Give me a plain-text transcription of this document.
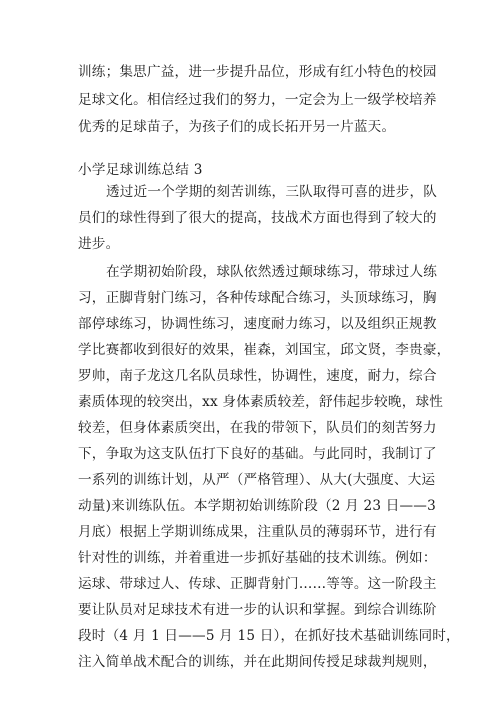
训练；集思广益，进一步提升品位，形成有红小特色的校园
足球文化。相信经过我们的努力，一定会为上一级学校培养
优秀的足球苗子，为孩子们的成长拓开另一片蓝天。
小学足球训练总结 3
透过近一个学期的刻苦训练，三队取得可喜的进步，队
员们的球性得到了很大的提高，技战术方面也得到了较大的
进步。
在学期初始阶段，球队依然透过颠球练习，带球过人练
习，正脚背射门练习，各种传球配合练习，头顶球练习，胸
部停球练习，协调性练习，速度耐力练习，以及组织正规教
学比赛都收到很好的效果，崔森，刘国宝，邱文贤，李贵豪，
罗帅，南子龙这几名队员球性，协调性，速度，耐力，综合
素质体现的较突出，xx 身体素质较差，舒伟起步较晚，球性
较差，但身体素质突出，在我的带领下，队员们的刻苦努力
下，争取为这支队伍打下良好的基础。与此同时，我制订了
一系列的训练计划，从严（严格管理）、从大(大强度、大运
动量)来训练队伍。本学期初始训练阶段（2 月 23 日——3
月底）根据上学期训练成果，注重队员的薄弱环节，进行有
针对性的训练，并着重进一步抓好基础的技术训练。例如：
运球、带球过人、传球、正脚背射门……等等。这一阶段主
要让队员对足球技术有进一步的认识和掌握。到综合训练阶
段时（4 月 1 日——5 月 15 日），在抓好技术基础训练同时，
注入简单战术配合的训练，并在此期间传授足球裁判规则，
